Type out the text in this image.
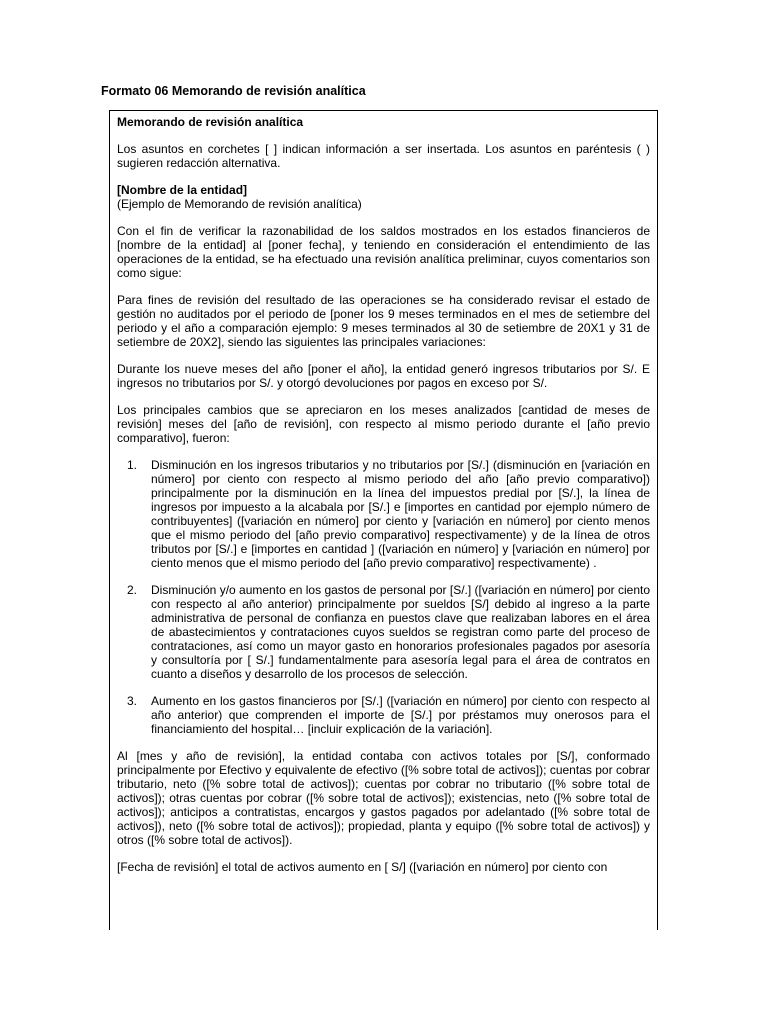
Formato 06 Memorando de revisión analítica

Memorando de revisión analítica

Los asuntos en corchetes [ ] indican información a ser insertada. Los asuntos en paréntesis ( ) sugieren redacción alternativa.

[Nombre de la entidad]
(Ejemplo de Memorando de revisión analítica)

Con el fin de verificar la razonabilidad de los saldos mostrados en los estados financieros de [nombre de la entidad] al [poner fecha], y teniendo en consideración el entendimiento de las operaciones de la entidad, se ha efectuado una revisión analítica preliminar, cuyos comentarios son como sigue:

Para fines de revisión del resultado de las operaciones se ha considerado revisar el estado de gestión no auditados por el periodo de [poner los 9 meses terminados en el mes de setiembre del periodo y el año a comparación ejemplo: 9 meses terminados al 30 de setiembre de 20X1 y 31 de setiembre de 20X2], siendo las siguientes las principales variaciones:

Durante los nueve meses del año [poner el año], la entidad generó ingresos tributarios por S/. E ingresos no tributarios por S/. y otorgó devoluciones por pagos en exceso por S/.

Los principales cambios que se apreciaron en los meses analizados [cantidad de meses de revisión] meses del [año de revisión], con respecto al mismo periodo durante el [año previo comparativo], fueron:

1. Disminución en los ingresos tributarios y no tributarios por [S/.] (disminución en [variación en número] por ciento con respecto al mismo periodo del año [año previo comparativo]) principalmente por la disminución en la línea del impuestos predial por [S/.], la línea de ingresos por impuesto a la alcabala por [S/.] e [importes en cantidad por ejemplo número de contribuyentes] ([variación en número] por ciento y [variación en número] por ciento menos que el mismo periodo del [año previo comparativo] respectivamente) y de la línea de otros tributos por [S/.] e [importes en cantidad ] ([variación en número] y [variación en número] por ciento menos que el mismo periodo del [año previo comparativo] respectivamente) .
2. Disminución y/o aumento en los gastos de personal por [S/.] ([variación en número] por ciento con respecto al año anterior) principalmente por sueldos [S/] debido al ingreso a la parte administrativa de personal de confianza en puestos clave que realizaban labores en el área de abastecimientos y contrataciones cuyos sueldos se registran como parte del proceso de contrataciones, así como un mayor gasto en honorarios profesionales pagados por asesoría y consultoría por [ S/.] fundamentalmente para asesoría legal para el área de contratos en cuanto a diseños y desarrollo de los procesos de selección.
3. Aumento en los gastos financieros por [S/.] ([variación en número] por ciento con respecto al año anterior) que comprenden el importe de [S/.] por préstamos muy onerosos para el financiamiento del hospital… [incluir explicación de la variación].

Al [mes y año de revisión], la entidad contaba con activos totales por [S/], conformado principalmente por Efectivo y equivalente de efectivo ([% sobre total de activos]); cuentas por cobrar tributario, neto ([% sobre total de activos]); cuentas por cobrar no tributario ([% sobre total de activos]); otras cuentas por cobrar ([% sobre total de activos]); existencias, neto ([% sobre total de activos]); anticipos a contratistas, encargos y gastos pagados por adelantado ([% sobre total de activos]), neto ([% sobre total de activos]); propiedad, planta y equipo ([% sobre total de activos]) y otros ([% sobre total de activos]).

[Fecha de revisión] el total de activos aumento en [ S/] ([variación en número] por ciento con
